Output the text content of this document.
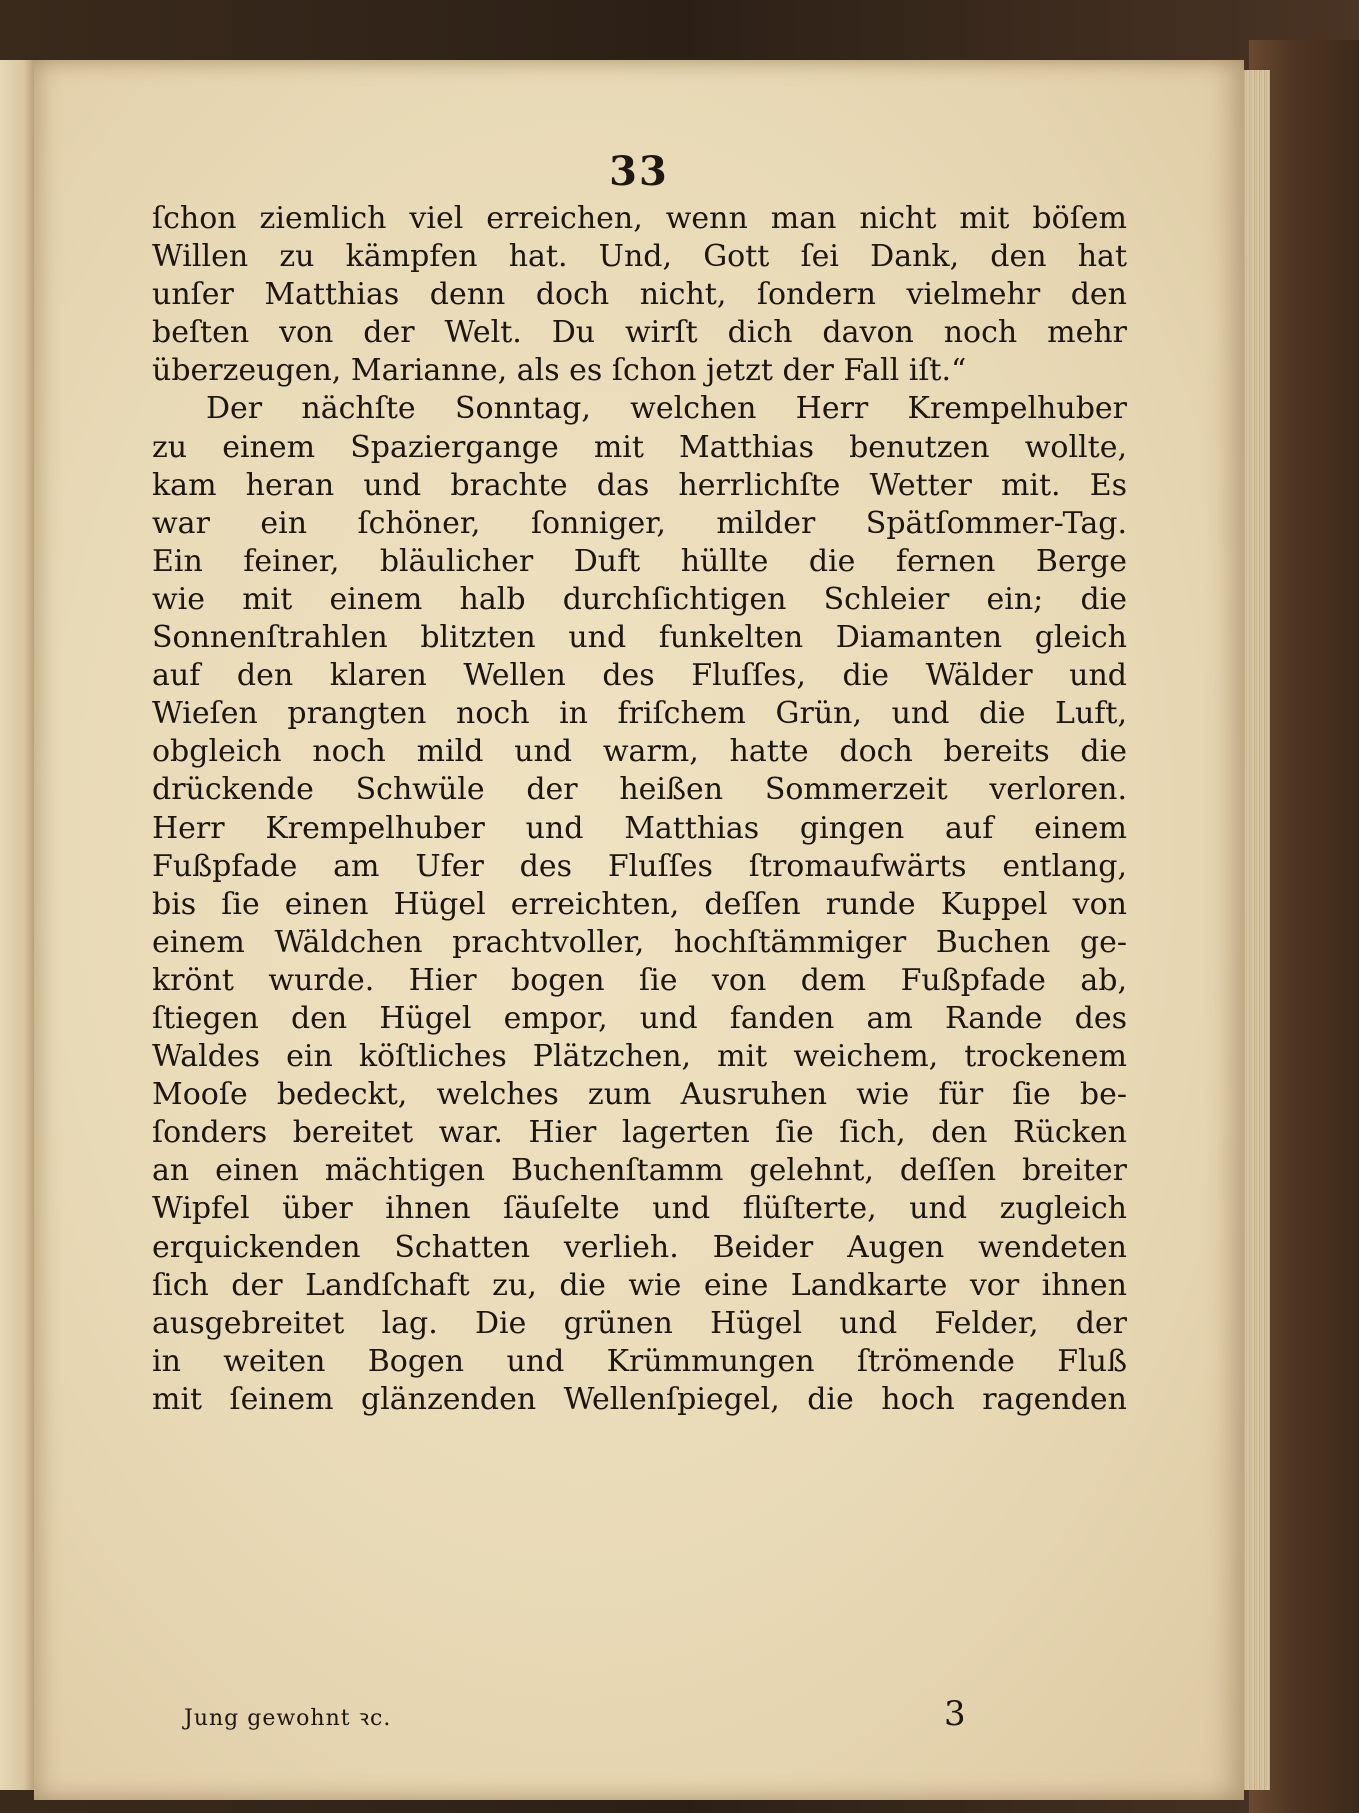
33
ſchon ziemlich viel erreichen, wenn man nicht mit böſem
Willen zu kämpfen hat. Und, Gott ſei Dank, den hat
unſer Matthias denn doch nicht, ſondern vielmehr den
beſten von der Welt. Du wirſt dich davon noch mehr
überzeugen, Marianne, als es ſchon jetzt der Fall iſt.“
Der nächſte Sonntag, welchen Herr Krempelhuber
zu einem Spaziergange mit Matthias benutzen wollte,
kam heran und brachte das herrlichſte Wetter mit. Es
war ein ſchöner, ſonniger, milder Spätſommer-Tag.
Ein feiner, bläulicher Duft hüllte die fernen Berge
wie mit einem halb durchſichtigen Schleier ein; die
Sonnenſtrahlen blitzten und funkelten Diamanten gleich
auf den klaren Wellen des Fluſſes, die Wälder und
Wieſen prangten noch in friſchem Grün, und die Luft,
obgleich noch mild und warm, hatte doch bereits die
drückende Schwüle der heißen Sommerzeit verloren.
Herr Krempelhuber und Matthias gingen auf einem
Fußpfade am Ufer des Fluſſes ſtromaufwärts entlang,
bis ſie einen Hügel erreichten, deſſen runde Kuppel von
einem Wäldchen prachtvoller, hochſtämmiger Buchen ge-
krönt wurde. Hier bogen ſie von dem Fußpfade ab,
ſtiegen den Hügel empor, und fanden am Rande des
Waldes ein köſtliches Plätzchen, mit weichem, trockenem
Mooſe bedeckt, welches zum Ausruhen wie für ſie be-
ſonders bereitet war. Hier lagerten ſie ſich, den Rücken
an einen mächtigen Buchenſtamm gelehnt, deſſen breiter
Wipfel über ihnen ſäuſelte und flüſterte, und zugleich
erquickenden Schatten verlieh. Beider Augen wendeten
ſich der Landſchaft zu, die wie eine Landkarte vor ihnen
ausgebreitet lag. Die grünen Hügel und Felder, der
in weiten Bogen und Krümmungen ſtrömende Fluß
mit ſeinem glänzenden Wellenſpiegel, die hoch ragenden
Jung gewohnt ꝛc.	3
